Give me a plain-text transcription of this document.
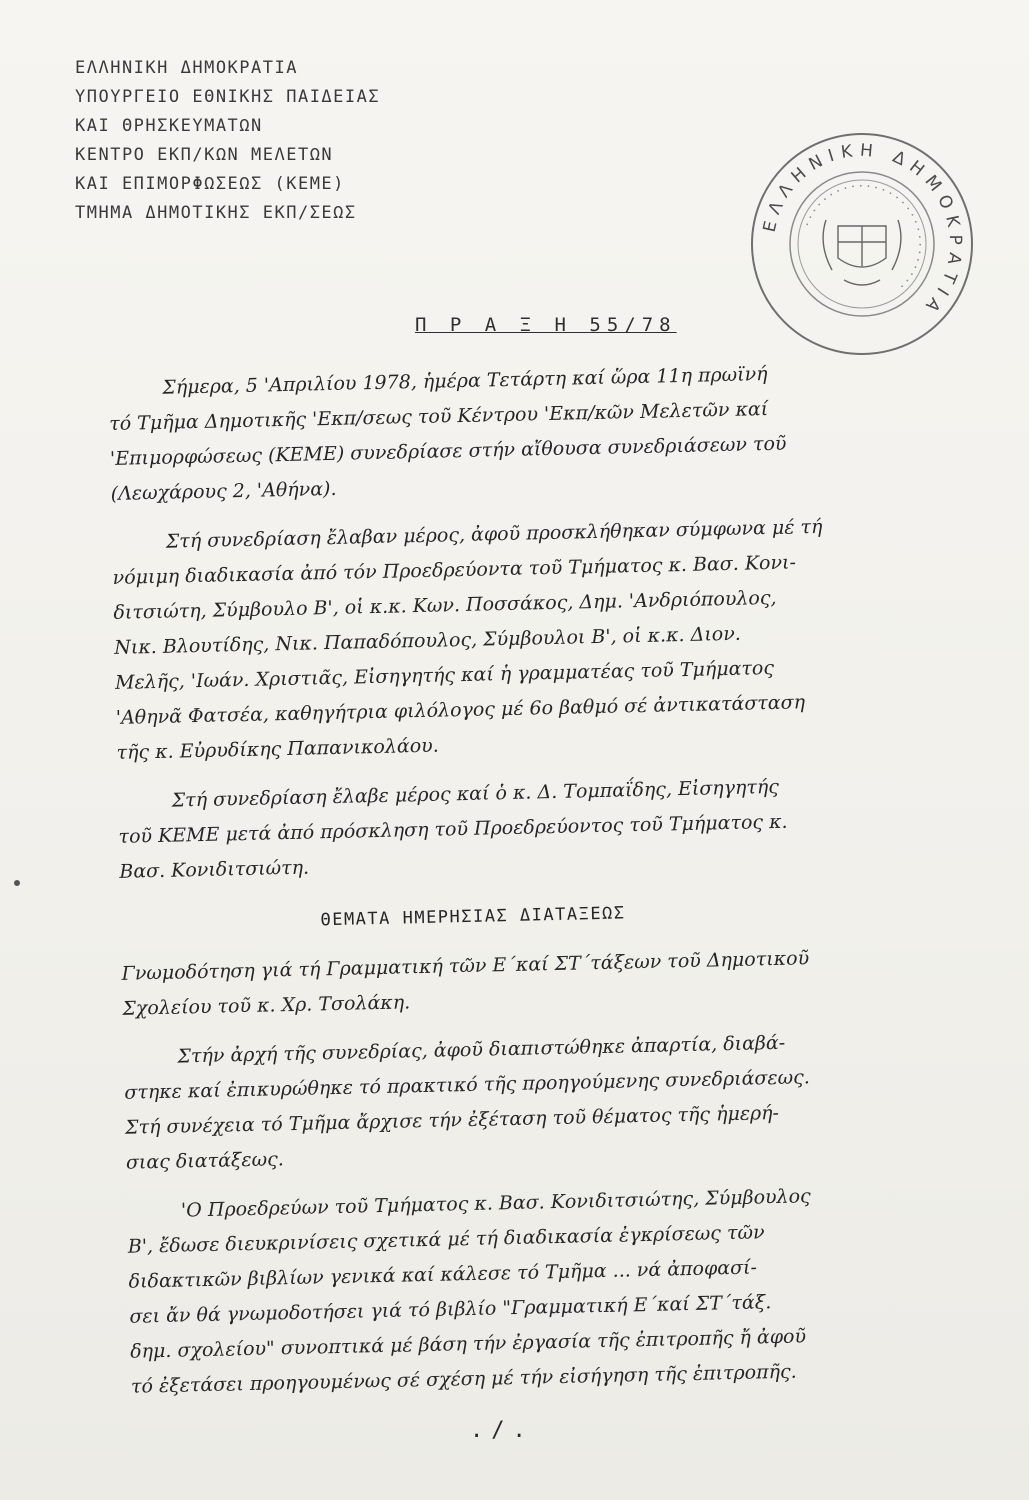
ΕΛΛΗΝΙΚΗ ΔΗΜΟΚΡΑΤΙΑ
ΥΠΟΥΡΓΕΙΟ ΕΘΝΙΚΗΣ ΠΑΙΔΕΙΑΣ
ΚΑΙ ΘΡΗΣΚΕΥΜΑΤΩΝ
ΚΕΝΤΡΟ ΕΚΠ/ΚΩΝ ΜΕΛΕΤΩΝ
ΚΑΙ ΕΠΙΜΟΡΦΩΣΕΩΣ (ΚΕΜΕ)
ΤΜΗΜΑ ΔΗΜΟΤΙΚΗΣ ΕΚΠ/ΣΕΩΣ	ΕΛΛΗΝΙΚΗ ΔΗΜΟΚΡΑΤΙΑ
• • • • • • • • • • • • • • • • • • • • • • • • • • • •
Π Ρ Α Ξ Η 55/78
Σήμερα, 5 'Απριλίου 1978, ἡμέρα Τετάρτη καί ὥρα 11η πρωϊνή
τό Τμῆμα Δημοτικῆς 'Εκπ/σεως τοῦ Κέντρου 'Εκπ/κῶν Μελετῶν καί
'Επιμορφώσεως (ΚΕΜΕ) συνεδρίασε στήν αἴθουσα συνεδριάσεων τοῦ
(Λεωχάρους 2, 'Αθήνα).
Στή συνεδρίαση ἔλαβαν μέρος, ἀφοῦ προσκλήθηκαν σύμφωνα μέ τή
νόμιμη διαδικασία ἀπό τόν Προεδρεύοντα τοῦ Τμήματος κ. Βασ. Κονι-
διτσιώτη, Σύμβουλο Β', οἱ κ.κ. Κων. Ποσσάκος, Δημ. 'Ανδριόπουλος,
Νικ. Βλουτίδης, Νικ. Παπαδόπουλος, Σύμβουλοι Β', οἱ κ.κ. Διον.
Μελῆς, 'Ιωάν. Χριστιᾶς, Εἰσηγητής καί ἡ γραμματέας τοῦ Τμήματος
'Αθηνᾶ Φατσέα, καθηγήτρια φιλόλογος μέ 6ο βαθμό σέ ἀντικατάσταση
τῆς κ. Εὐρυδίκης Παπανικολάου.
Στή συνεδρίαση ἔλαβε μέρος καί ὁ κ. Δ. Τομπαΐδης, Εἰσηγητής
τοῦ ΚΕΜΕ μετά ἀπό πρόσκληση τοῦ Προεδρεύοντος τοῦ Τμήματος κ.
Βασ. Κονιδιτσιώτη.
ΘΕΜΑΤΑ ΗΜΕΡΗΣΙΑΣ ΔΙΑΤΑΞΕΩΣ
Γνωμοδότηση γιά τή Γραμματική τῶν Ε΄καί ΣΤ΄τάξεων τοῦ Δημοτικοῦ
Σχολείου τοῦ κ. Χρ. Τσολάκη.
Στήν ἀρχή τῆς συνεδρίας, ἀφοῦ διαπιστώθηκε ἀπαρτία, διαβά-
στηκε καί ἐπικυρώθηκε τό πρακτικό τῆς προηγούμενης συνεδριάσεως.
Στή συνέχεια τό Τμῆμα ἄρχισε τήν ἐξέταση τοῦ θέματος τῆς ἡμερή-
σιας διατάξεως.
'Ο Προεδρεύων τοῦ Τμήματος κ. Βασ. Κονιδιτσιώτης, Σύμβουλος
Β', ἔδωσε διευκρινίσεις σχετικά μέ τή διαδικασία ἐγκρίσεως τῶν
διδακτικῶν βιβλίων γενικά καί κάλεσε τό Τμῆμα ... νά ἀποφασί-
σει ἄν θά γνωμοδοτήσει γιά τό βιβλίο "Γραμματική Ε΄καί ΣΤ΄τάξ.
δημ. σχολείου" συνοπτικά μέ βάση τήν ἐργασία τῆς ἐπιτροπῆς ἤ ἀφοῦ
τό ἐξετάσει προηγουμένως σέ σχέση μέ τήν εἰσήγηση τῆς ἐπιτροπῆς.
./.
